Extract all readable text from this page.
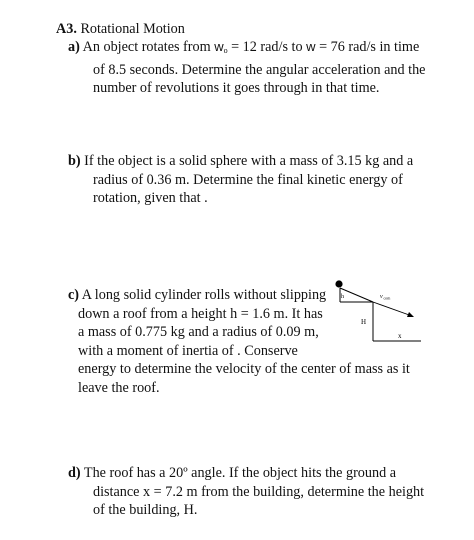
A3. Rotational Motion
a) An object rotates from $w_o = 12$ rad/s to w = 76 rad/s in time
of 8.5 seconds. Determine the angular acceleration and the
number of revolutions it goes through in that time.
b) If the object is a solid sphere with a mass of 3.15 kg and a
radius of 0.36 m. Determine the final kinetic energy of
rotation, given that .
c) A long solid cylinder rolls without slipping
down a roof from a height h = 1.6 m. It has
a mass of 0.775 kg and a radius of 0.09 m,
with a moment of inertia of . Conserve
energy to determine the velocity of the center of mass as it
leave the roof.
h
H
x
v com
d) The roof has a 20º angle. If the object hits the ground a
distance x = 7.2 m from the building, determine the height
of the building, H.
